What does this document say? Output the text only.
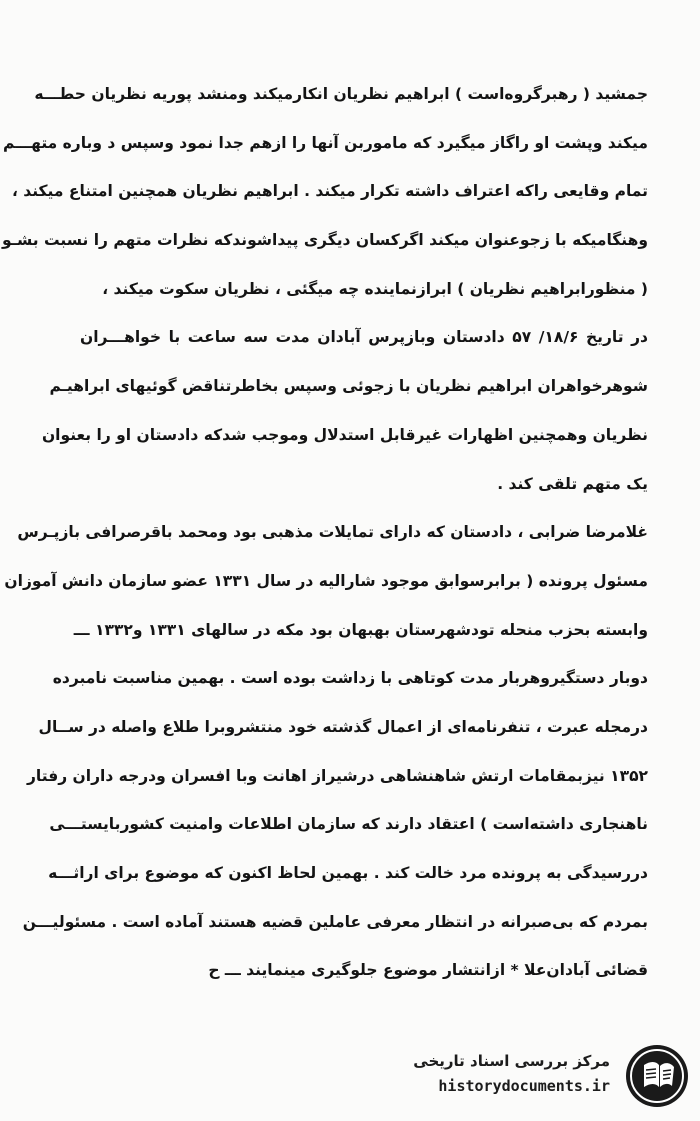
جمشید ( رهبرگروه‌است ) ابراهیم نظریان انکارمیکند ومنشد پوریه نظریان حطـــه
میکند وپشت او راگاز میگیرد که ماموربن آنها را ازهم جدا نمود وسپس د وباره متهـــم
تمام وقایعی راکه اعتراف داشته تکرار میکند . ابراهیم نظریان همچنین امتناع میکند ،
وهنگامیکه با زجوعنوان میکند اگرکسان دیگری پیداشوندکه نظرات متهم را نسبت بشـو
( منظورابراهیم نظریان ) ابرازنماینده چه میگئی ، نظریان سکوت میکند ،
در تاریخ ۱۸/۶/ ۵۷ دادستان وبازپرس آبادان مدت سه ساعت با خواهـــران
شوهرخواهران ابراهیم نظریان با زجوئی وسپس بخاطرتناقض گوئیهای ابراهیـم
نظریان وهمچنین اظهارات غیرقابل استدلال وموجب شدکه دادستان او را بعنوان
یک متهم تلقی کند .
غلامرضا ضرابی ، دادستان که دارای تمایلات مذهبی بود ومحمد باقرصرافی بازپـرس
مسئول پرونده ( برابرسوابق موجود شارالیه در سال ۱۳۳۱ عضو سازمان دانش آموزان
وابسته بحزب منحله تودشهرستان بهبهان بود مکه در سالهای ۱۳۳۱ و۱۳۳۲ ـــ
دوبار دستگیروهربار مدت کوتاهی با زداشت بوده است . بهمین مناسبت نامبرده
درمجله عبرت ، تنفرنامه‌ای از اعمال گذشته خود منتشروبرا طلاع واصله در ســال
۱۳۵۲ نیزبمقامات ارتش شاهنشاهی درشیراز اهانت وبا افسران ودرجه داران رفتار
ناهنجاری داشته‌است ) اعتقاد دارند که سازمان اطلاعات وامنیت کشوربایستـــی
دررسیدگی به پرونده مرد خالت کند . بهمین لحاظ اکنون که موضوع برای اراثـــه
بمردم که بی‌صبرانه در انتظار معرفی عاملین قضیه هستند آماده است . مسئولیـــن
قضائی آبادان‌علا * ازانتشار موضوع جلوگیری مینمایند ـــ ح
مرکز بررسی اسناد تاریخی
historydocuments.ir
